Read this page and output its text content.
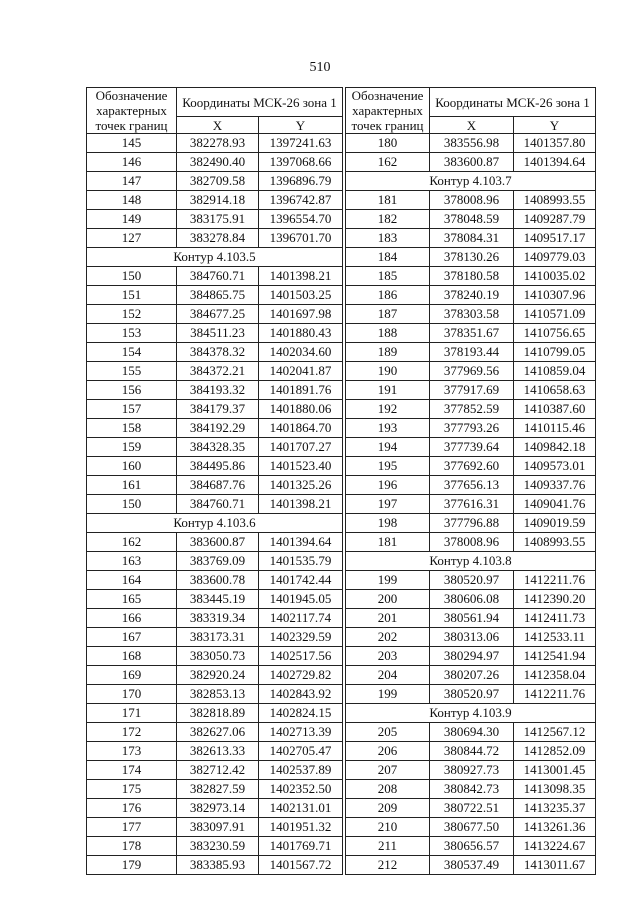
510
Обозначение характерных точек границ	Координаты МСК-26 зона 1	
	X	Y
145	382278.93	1397241.63
146	382490.40	1397068.66
147	382709.58	1396896.79
148	382914.18	1396742.87
149	383175.91	1396554.70
127	383278.84	1396701.70
Контур 4.103.5		
150	384760.71	1401398.21
151	384865.75	1401503.25
152	384677.25	1401697.98
153	384511.23	1401880.43
154	384378.32	1402034.60
155	384372.21	1402041.87
156	384193.32	1401891.76
157	384179.37	1401880.06
158	384192.29	1401864.70
159	384328.35	1401707.27
160	384495.86	1401523.40
161	384687.76	1401325.26
150	384760.71	1401398.21
Контур 4.103.6		
162	383600.87	1401394.64
163	383769.09	1401535.79
164	383600.78	1401742.44
165	383445.19	1401945.05
166	383319.34	1402117.74
167	383173.31	1402329.59
168	383050.73	1402517.56
169	382920.24	1402729.82
170	382853.13	1402843.92
171	382818.89	1402824.15
172	382627.06	1402713.39
173	382613.33	1402705.47
174	382712.42	1402537.89
175	382827.59	1402352.50
176	382973.14	1402131.01
177	383097.91	1401951.32
178	383230.59	1401769.71
179	383385.93	1401567.72
Обозначение характерных точек границ	Координаты МСК-26 зона 1	
	X	Y
180	383556.98	1401357.80
162	383600.87	1401394.64
Контур 4.103.7		
181	378008.96	1408993.55
182	378048.59	1409287.79
183	378084.31	1409517.17
184	378130.26	1409779.03
185	378180.58	1410035.02
186	378240.19	1410307.96
187	378303.58	1410571.09
188	378351.67	1410756.65
189	378193.44	1410799.05
190	377969.56	1410859.04
191	377917.69	1410658.63
192	377852.59	1410387.60
193	377793.26	1410115.46
194	377739.64	1409842.18
195	377692.60	1409573.01
196	377656.13	1409337.76
197	377616.31	1409041.76
198	377796.88	1409019.59
181	378008.96	1408993.55
Контур 4.103.8		
199	380520.97	1412211.76
200	380606.08	1412390.20
201	380561.94	1412411.73
202	380313.06	1412533.11
203	380294.97	1412541.94
204	380207.26	1412358.04
199	380520.97	1412211.76
Контур 4.103.9		
205	380694.30	1412567.12
206	380844.72	1412852.09
207	380927.73	1413001.45
208	380842.73	1413098.35
209	380722.51	1413235.37
210	380677.50	1413261.36
211	380656.57	1413224.67
212	380537.49	1413011.67
